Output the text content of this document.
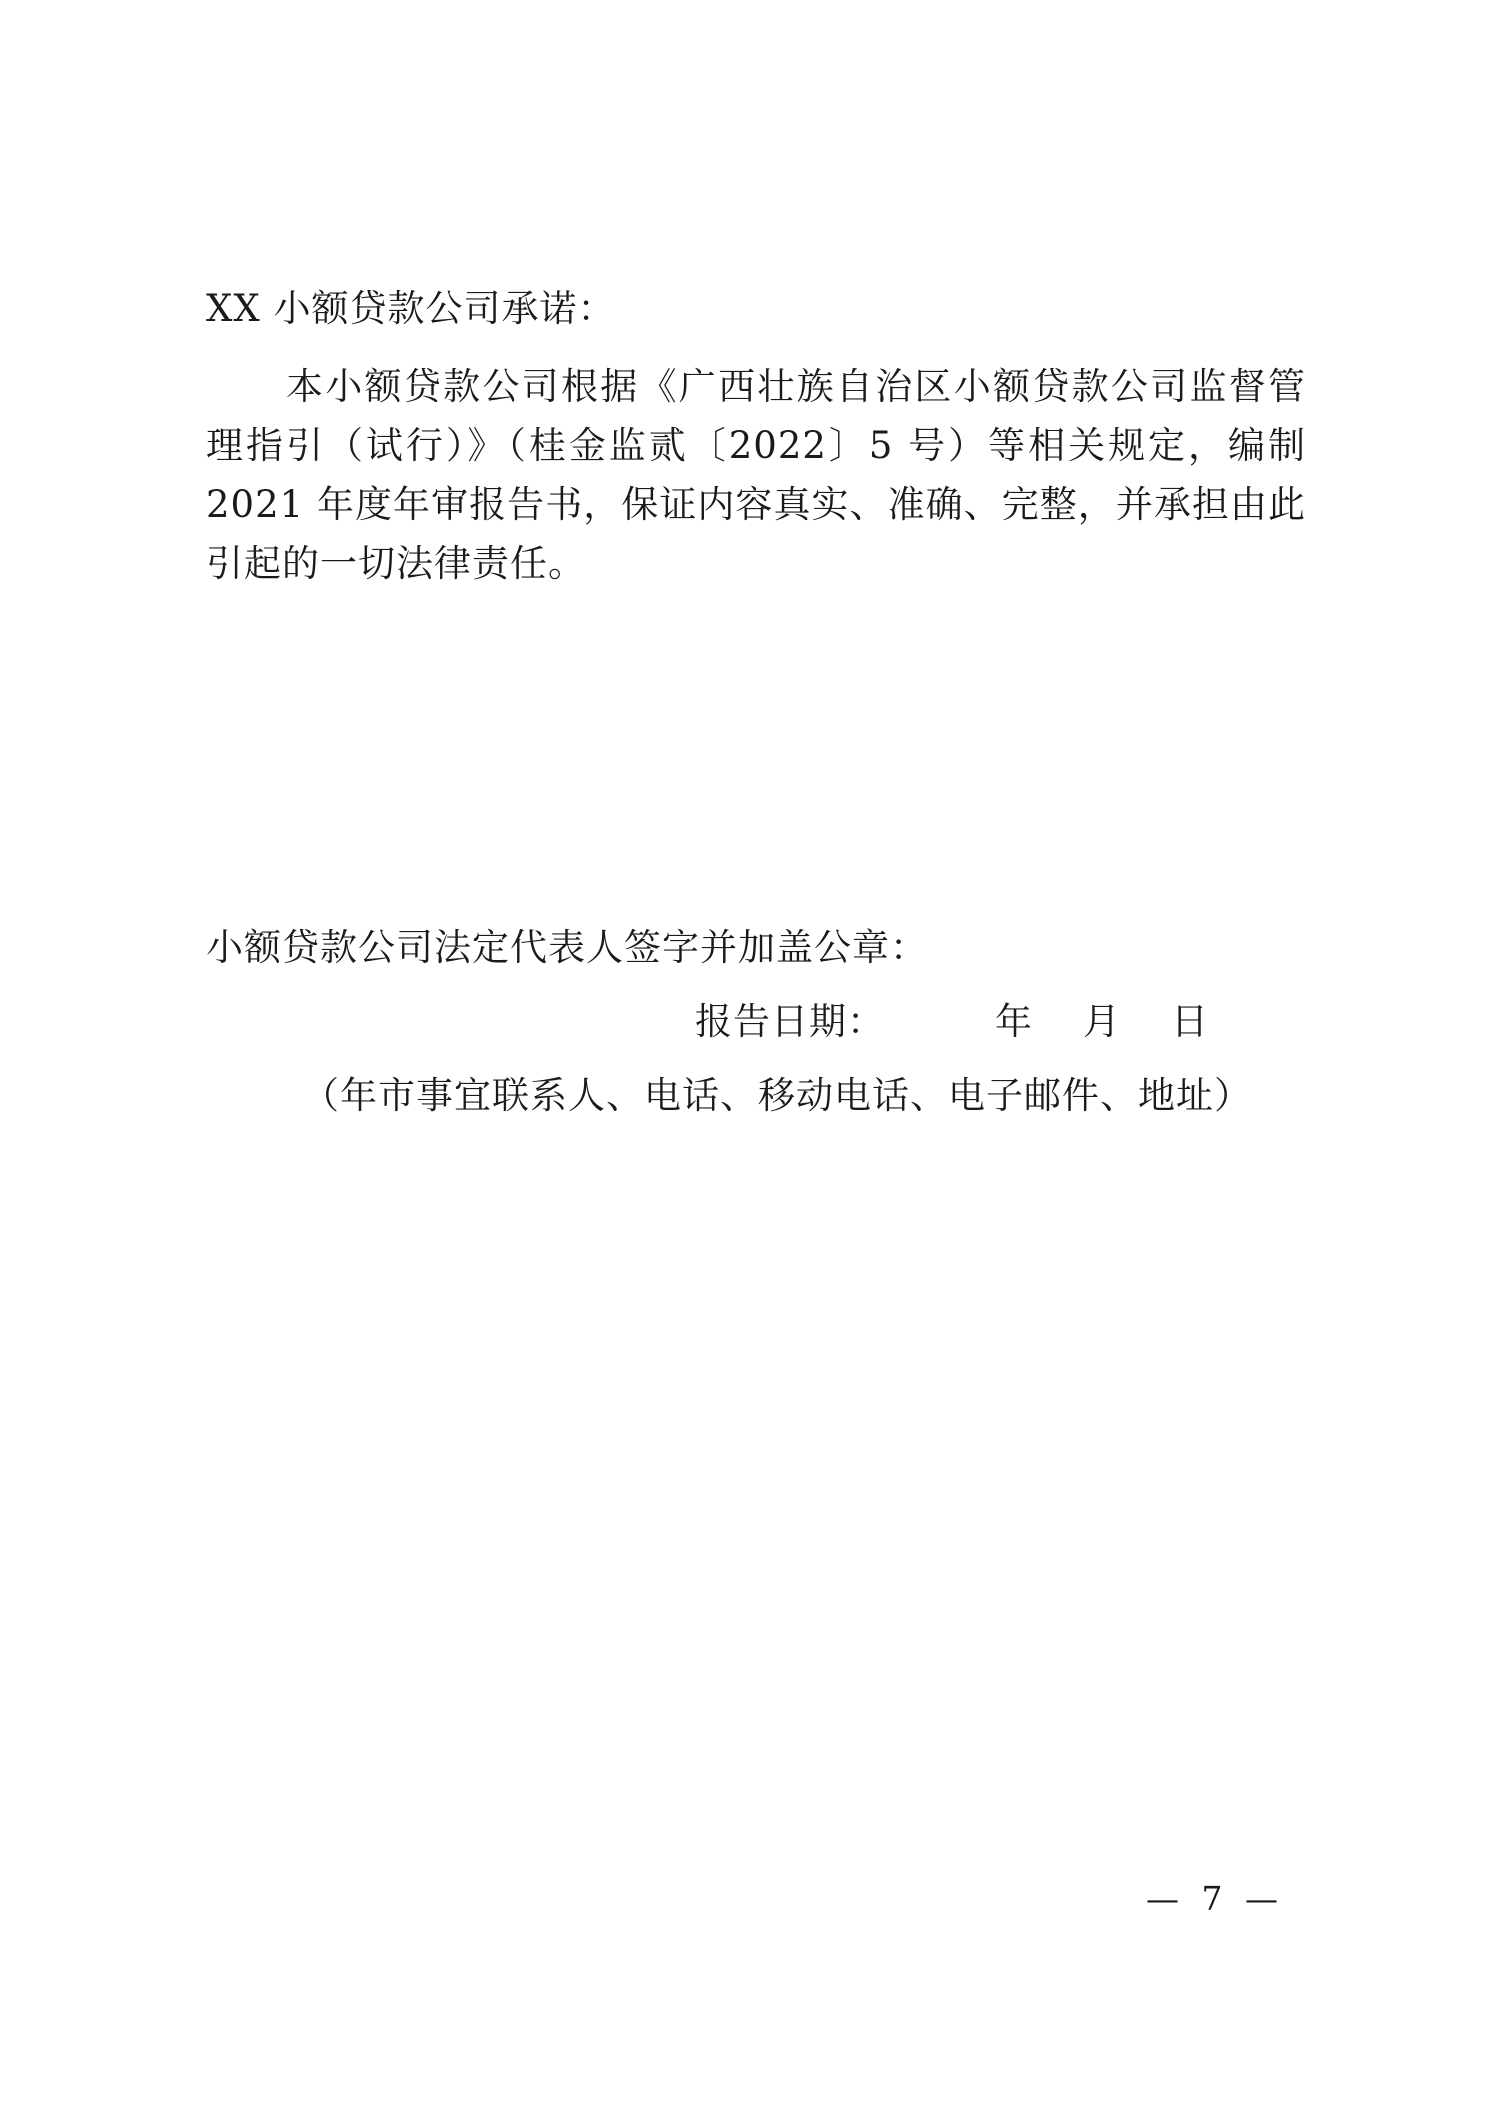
XX 小额贷款公司承诺：
本小额贷款公司根据《广西壮族自治区小额贷款公司监督管理指引（试行）》（桂金监贰〔2022〕5 号）等相关规定，编制 2021 年度年审报告书，保证内容真实、准确、完整，并承担由此引起的一切法律责任。
小额贷款公司法定代表人签字并加盖公章：
报告日期：	年 月 日
（年市事宜联系人、电话、移动电话、电子邮件、地址）
— 7 —
